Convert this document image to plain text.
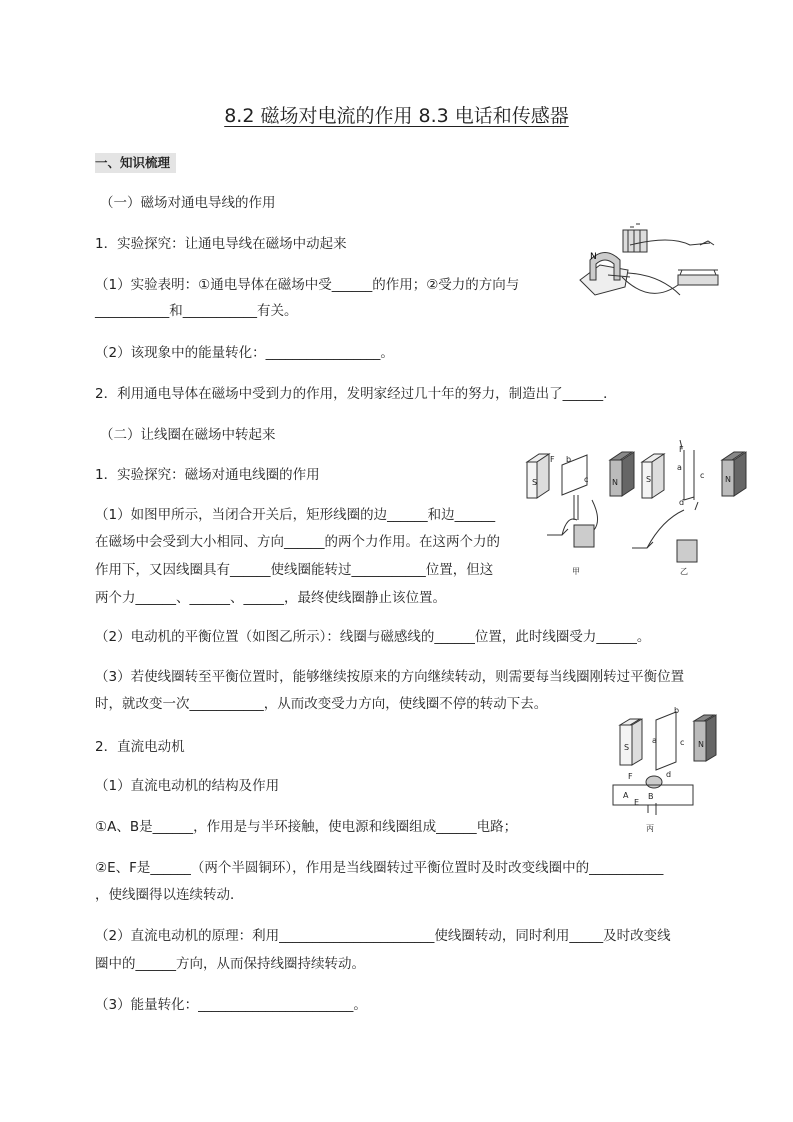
8.2 磁场对电流的作用 8.3 电话和传感器
一、知识梳理
（一）磁场对通电导线的作用
1．实验探究：让通电导线在磁场中动起来
（1）实验表明：①通电导体在磁场中受______的作用；②受力的方向与
___________和___________有关。
（2）该现象中的能量转化：_________________。
2．利用通电导体在磁场中受到力的作用，发明家经过几十年的努力，制造出了______．
（二）让线圈在磁场中转起来
1．实验探究：磁场对通电线圈的作用
（1）如图甲所示，当闭合开关后，矩形线圈的边______和边______
在磁场中会受到大小相同、方向______的两个力作用。在这两个力的
作用下，又因线圈具有______使线圈能转过___________位置，但这
两个力______、______、______，最终使线圈静止该位置。
（2）电动机的平衡位置（如图乙所示）：线圈与磁感线的______位置，此时线圈受力______。
（3）若使线圈转至平衡位置时，能够继续按原来的方向继续转动，则需要每当线圈刚转过平衡位置
时，就改变一次___________，从而改变受力方向，使线圈不停的转动下去。
2．直流电动机
（1）直流电动机的结构及作用
①A、B是______，作用是与半环接触，使电源和线圈组成______电路；
②E、F是______（两个半圆铜环），作用是当线圈转过平衡位置时及时改变线圈中的___________
，使线圈得以连续转动．
（2）直流电动机的原理：利用_______________________使线圈转动，同时利用_____及时改变线
圈中的______方向，从而保持线圈持续转动。
（3）能量转化：_______________________。
N
F
S
b
c	N
F
a
c
d
S	N
甲	乙
S	N
a
b
c
d
F
A B
E
丙
